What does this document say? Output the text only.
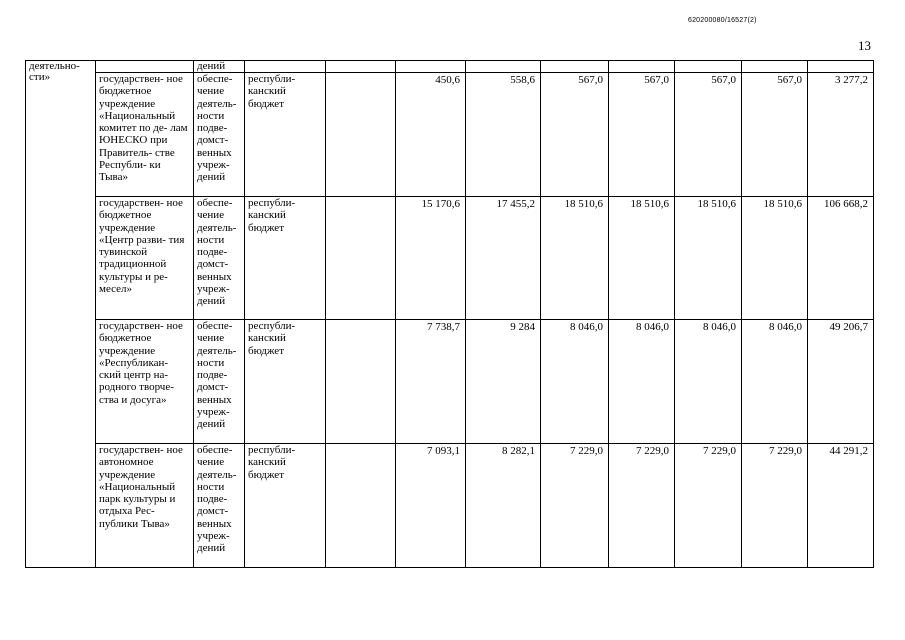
620200080/16527(2)
13
деятельно- сти»		дений									
	государствен- ное бюджетное учреждение «Национальный комитет по де- лам ЮНЕСКО при Правитель- стве Республи- ки Тыва»	обеспе- чение деятель- ности подве- домст- венных учреж- дений	республи- канский бюджет		450,6	558,6	567,0	567,0	567,0	567,0	3 277,2
	государствен- ное бюджетное учреждение «Центр разви- тия тувинской традиционной культуры и ре- месел»	обеспе- чение деятель- ности подве- домст- венных учреж- дений	республи- канский бюджет		15 170,6	17 455,2	18 510,6	18 510,6	18 510,6	18 510,6	106 668,2
	государствен- ное бюджетное учреждение «Республикан- ский центр на- родного творче- ства и досуга»	обеспе- чение деятель- ности подве- домст- венных учреж- дений	республи- канский бюджет		7 738,7	9 284	8 046,0	8 046,0	8 046,0	8 046,0	49 206,7
	государствен- ное автономное учреждение «Национальный парк культуры и отдыха Рес- публики Тыва»	обеспе- чение деятель- ности подве- домст- венных учреж- дений	республи- канский бюджет		7 093,1	8 282,1	7 229,0	7 229,0	7 229,0	7 229,0	44 291,2
